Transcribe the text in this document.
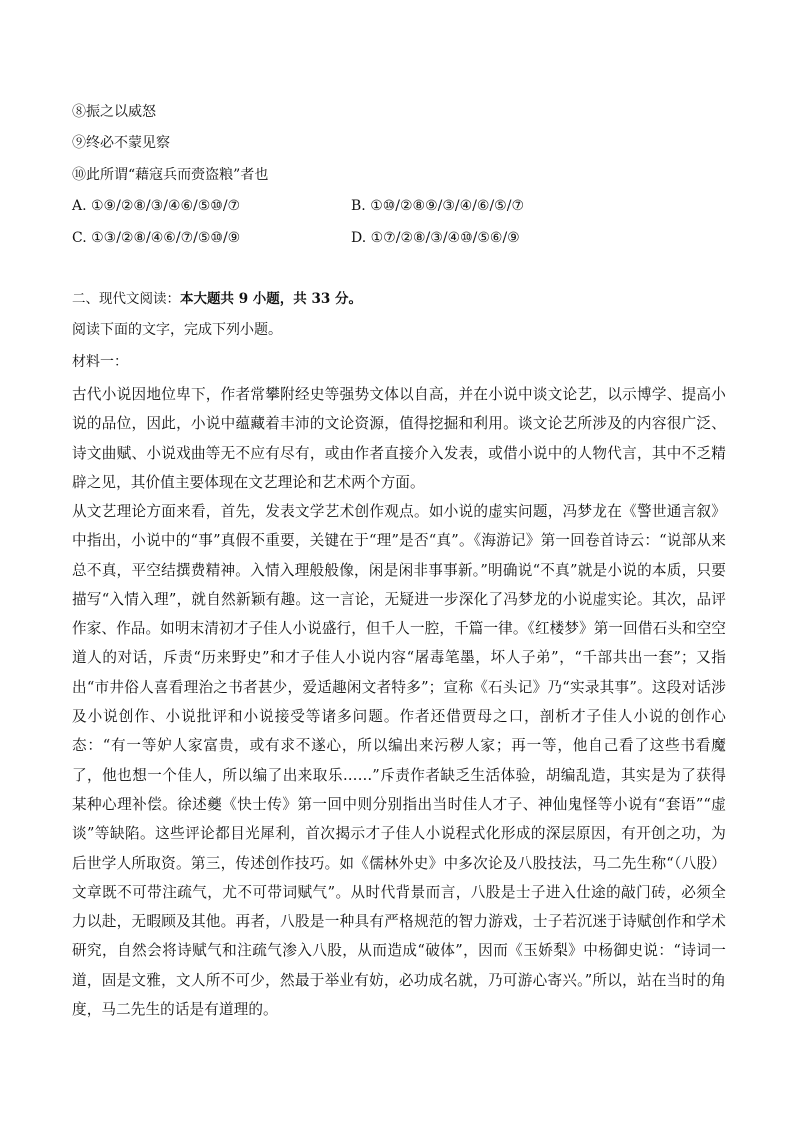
⑧振之以威怒
⑨终必不蒙见察
⑩此所谓“藉寇兵而赍盗粮”者也
A. ①⑨/②⑧/③/④⑥/⑤⑩/⑦	B. ①⑩/②⑧⑨/③/④/⑥/⑤/⑦
C. ①③/②⑧/④⑥/⑦/⑤⑩/⑨	D. ①⑦/②⑧/③/④⑩/⑤⑥/⑨
二、现代文阅读：本大题共 9 小题，共 33 分。
阅读下面的文字，完成下列小题。
材料一：
古代小说因地位卑下，作者常攀附经史等强势文体以自高，并在小说中谈文论艺，以示博学、提高小说的品位，因此，小说中蕴藏着丰沛的文论资源，值得挖掘和利用。谈文论艺所涉及的内容很广泛、诗文曲赋、小说戏曲等无不应有尽有，或由作者直接介入发表，或借小说中的人物代言，其中不乏精辟之见，其价值主要体现在文艺理论和艺术两个方面。
从文艺理论方面来看，首先，发表文学艺术创作观点。如小说的虚实问题，冯梦龙在《警世通言叙》中指出，小说中的“事”真假不重要，关键在于“理”是否“真”。《海游记》第一回卷首诗云：“说部从来总不真，平空结撰费精神。入情入理般般像，闲是闲非事事新。”明确说“不真”就是小说的本质，只要描写“入情入理”，就自然新颖有趣。这一言论，无疑进一步深化了冯梦龙的小说虚实论。其次，品评作家、作品。如明末清初才子佳人小说盛行，但千人一腔，千篇一律。《红楼梦》第一回借石头和空空道人的对话，斥责“历来野史”和才子佳人小说内容“屠毒笔墨，坏人子弟”，“千部共出一套”；又指出“市井俗人喜看理治之书者甚少，爱适趣闲文者特多”；宣称《石头记》乃“实录其事”。这段对话涉及小说创作、小说批评和小说接受等诸多问题。作者还借贾母之口，剖析才子佳人小说的创作心态：“有一等妒人家富贵，或有求不遂心，所以编出来污秽人家；再一等，他自己看了这些书看魔了，他也想一个佳人，所以编了出来取乐……”斥责作者缺乏生活体验，胡编乱造，其实是为了获得某种心理补偿。徐述夔《快士传》第一回中则分别指出当时佳人才子、神仙鬼怪等小说有“套语”“虚谈”等缺陷。这些评论都目光犀利，首次揭示才子佳人小说程式化形成的深层原因，有开创之功，为后世学人所取资。第三，传述创作技巧。如《儒林外史》中多次论及八股技法，马二先生称“（八股）文章既不可带注疏气，尤不可带词赋气”。从时代背景而言，八股是士子进入仕途的敲门砖，必须全力以赴，无暇顾及其他。再者，八股是一种具有严格规范的智力游戏，士子若沉迷于诗赋创作和学术研究，自然会将诗赋气和注疏气渗入八股，从而造成“破体”，因而《玉娇梨》中杨御史说：“诗词一道，固是文雅，文人所不可少，然最于举业有妨，必功成名就，乃可游心寄兴。”所以，站在当时的角度，马二先生的话是有道理的。
